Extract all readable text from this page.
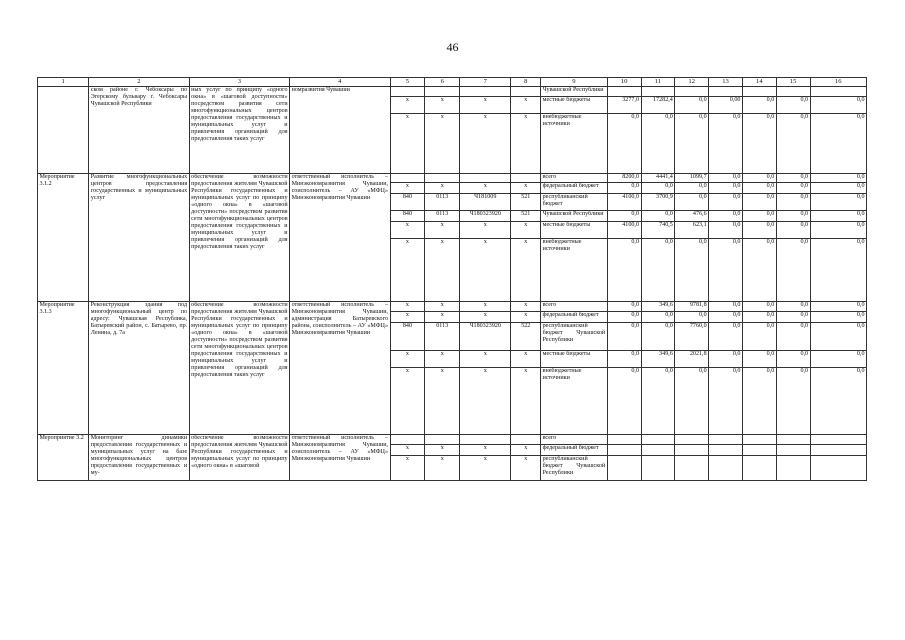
46
1	2	3	4	5	6	7	8	9	10	11	12	13	14	15	16
	ском районе г. Чебоксары по Эгерскому бульвару г. Чебоксары Чувашской Республики	ных услуг по принципу «одного окна» в «шаговой доступности» посредством развития сети многофункциональных центров предоставления государственных и муниципальных услуг и привлечения организаций для предоставления таких услуг	номразвития Чувашии					Чувашской Республики							
				х	х	х	х	местные бюджеты	3277,0	17282,4	0,0	0,00	0,0	0,0	0,0
				х	х	х	х	внебюджетные источники	0,0	0,0	0,0	0,0	0,0	0,0	0,0
Мероприятие 3.1.2	Развитие многофункциональных центров предоставления государственных и муниципальных услуг	обеспечение возможности предоставления жителям Чувашской Республики государственных и муниципальных услуг по принципу «одного окна» в «шаговой доступности» посредством развития сети многофункциональных центров предоставления государственных и муниципальных услуг и привлечения организаций для предоставления таких услуг	ответственный исполнитель – Минэкономразвития Чувашии, соисполнитель – АУ «МФЦ» Минэкономразвития Чувашии					всего	8200,0	4441,4	1099,7	0,0	0,0	0,0	0,0
				х	х	х	х	федеральный бюджет	0,0	0,0	0,0	0,0	0,0	0,0	0,0
				840	0113	Ч181009	521	республиканский бюджет	4100,0	3700,9	0,0	0,0	0,0	0,0	0,0
				840	0113	Ч180323920	521	Чувашской Республики	0,0	0,0	476,6	0,0	0,0	0,0	0,0
				х	х	х	х	местные бюджеты	4100,0	740,5	623,1	0,0	0,0	0,0	0,0
				х	х	х	х	внебюджетные источники	0,0	0,0	0,0	0,0	0,0	0,0	0,0
Мероприятие 3.1.3	Реконструкция здания под многофункциональный центр по адресу: Чувашская Республика, Батыревский район, с. Батырево, пр. Ленина, д. 7а	обеспечение возможности предоставления жителям Чувашской Республики государственных и муниципальных услуг по принципу «одного окна» в «шаговой доступности» посредством развития сети многофункциональных центров предоставления государственных и муниципальных услуг и привлечения организаций для предоставления таких услуг	ответственный исполнитель – Минэкономразвития Чувашии, администрация Батыревского района, соисполнитель – АУ «МФЦ» Минэкономразвития Чувашии	х	х	х	х	всего	0,0	349,6	9781,8	0,0	0,0	0,0	0,0
				х	х	х	х	федеральный бюджет	0,0	0,0	0,0	0,0	0,0	0,0	0,0
				840	0113	Ч180323920	522	республиканский бюджет Чувашской Республики	0,0	0,0	7760,0	0,0	0,0	0,0	0,0
				х	х	х	х	местные бюджеты	0,0	349,6	2021,8	0,0	0,0	0,0	0,0
				х	х	х	х	внебюджетные источники	0,0	0,0	0,0	0,0	0,0	0,0	0,0
Мероприятие 3.2	Мониторинг динамики предоставления государственных и муниципальных услуг на базе многофункциональных центров предоставления государственных и му-	обеспечение возможности предоставления жителям Чувашской Республики государственных и муниципальных услуг по принципу «одного окна» в «шаговой	ответственный исполнитель – Минэкономразвития Чувашии, соисполнитель – АУ «МФЦ» Минэкономразвития Чувашии					всего							
				х	х	х	х	федеральный бюджет							
				х	х	х	х	республиканский бюджет Чувашской Республики							
